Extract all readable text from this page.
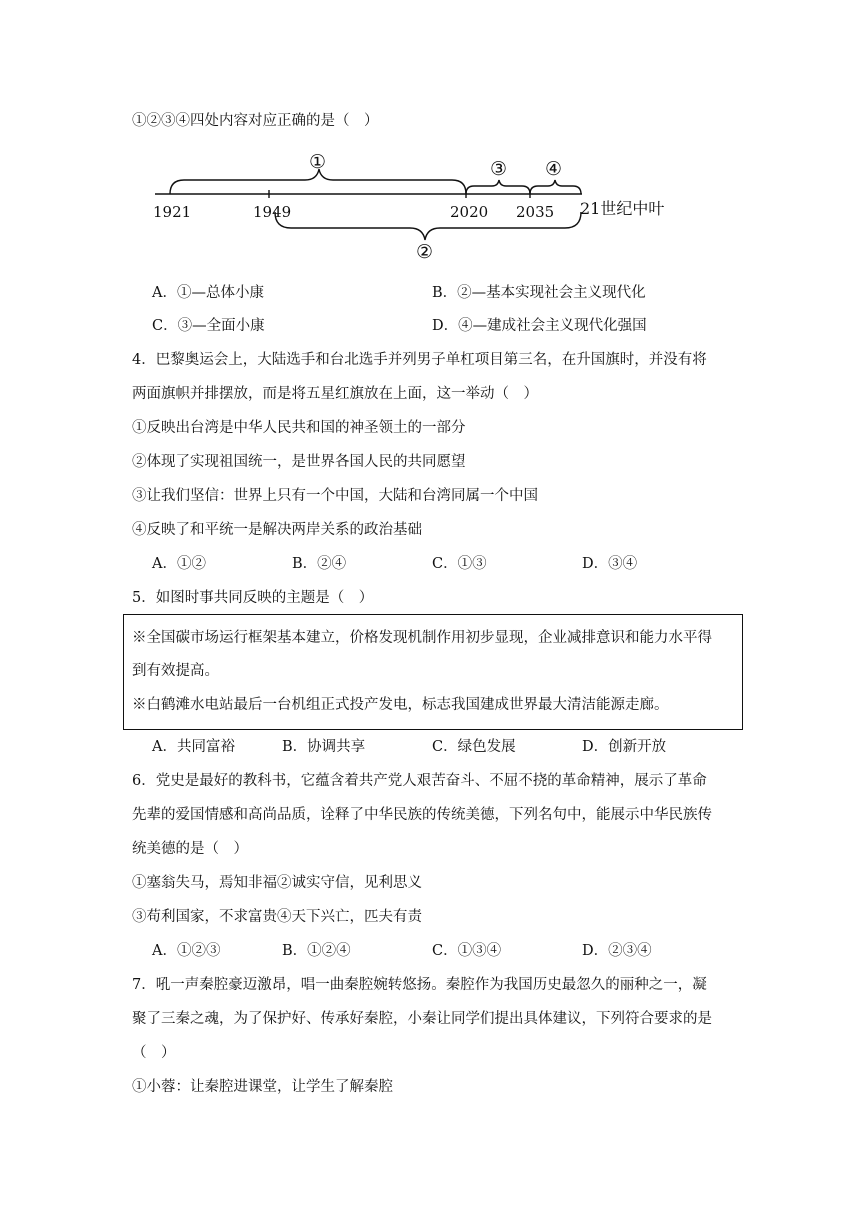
①②③④四处内容对应正确的是（　）
1921	1949	2020 2035 21世纪中叶
①	③ ④
②
A．①—总体小康	B．②—基本实现社会主义现代化
C．③—全面小康	D．④—建成社会主义现代化强国
4．巴黎奥运会上，大陆选手和台北选手并列男子单杠项目第三名，在升国旗时，并没有将
两面旗帜并排摆放，而是将五星红旗放在上面，这一举动（　）
①反映出台湾是中华人民共和国的神圣领土的一部分
②体现了实现祖国统一，是世界各国人民的共同愿望
③让我们坚信：世界上只有一个中国，大陆和台湾同属一个中国
④反映了和平统一是解决两岸关系的政治基础
A．①②	B．②④	C．①③	D．③④
5．如图时事共同反映的主题是（　）
※全国碳市场运行框架基本建立，价格发现机制作用初步显现，企业减排意识和能力水平得
到有效提高。
※白鹤滩水电站最后一台机组正式投产发电，标志我国建成世界最大清洁能源走廊。
A．共同富裕	B．协调共享	C．绿色发展	D．创新开放
6．党史是最好的教科书，它蕴含着共产党人艰苦奋斗、不屈不挠的革命精神，展示了革命
先辈的爱国情感和高尚品质，诠释了中华民族的传统美德，下列名句中，能展示中华民族传
统美德的是（　）
①塞翁失马，焉知非福②诚实守信，见利思义
③苟利国家，不求富贵④天下兴亡，匹夫有责
A．①②③	B．①②④	C．①③④	D．②③④
7．吼一声秦腔豪迈激昂，唱一曲秦腔婉转悠扬。秦腔作为我国历史最忽久的丽种之一，凝
聚了三秦之魂，为了保护好、传承好秦腔，小秦让同学们提出具体建议，下列符合要求的是
（　）
①小蓉：让秦腔进课堂，让学生了解秦腔
